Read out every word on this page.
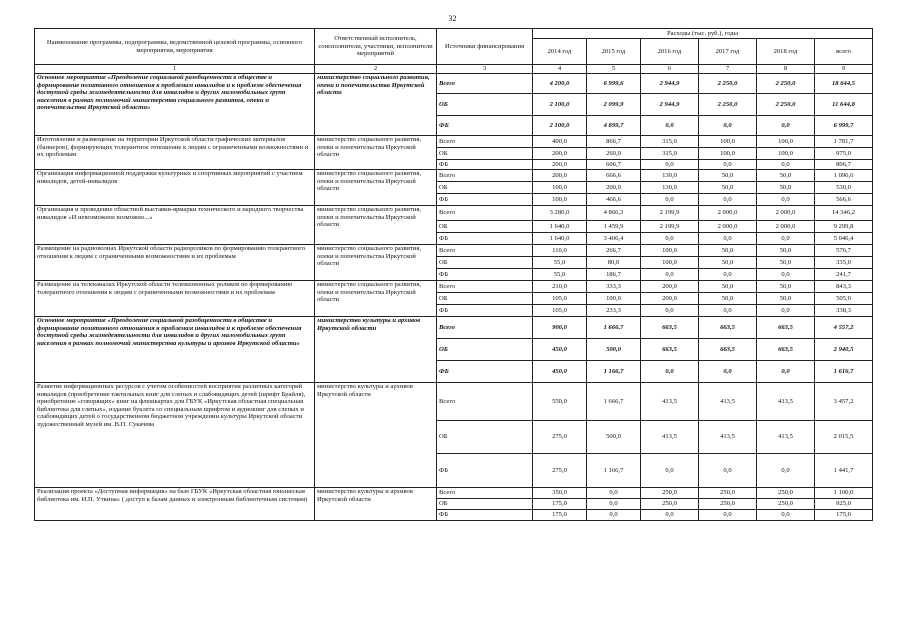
32
Наименование программы, подпрограммы, ведомственной целевой программы, основного мероприятия, мероприятия	Ответственный исполнитель, соисполнители, участники, исполнители мероприятий	Источники финансирования	Расходы (тыс. руб.), годы					
			2014 год	2015 год	2016 год	2017 год	2018 год	всего
1	2	3	4	5	6	7	8	9
Основное мероприятие «Преодоление социальной разобщенности в обществе и формирование позитивного отношения к проблемам инвалидов и к проблеме обеспечения доступной среды жизнедеятельности для инвалидов и других маломобильных групп населения в рамках полномочий министерства социального развития, опеки и попечительства Иркутской области»	министерство социального развития, опеки и попечительства Иркутской области	Всего	4 200,0	6 999,6	2 944,9	2 250,0	2 250,0	18 644,5
		ОБ	2 100,0	2 099,9	2 944,9	2 250,0	2 250,0	11 644,8
		ФБ	2 100,0	4 899,7	0,0	0,0	0,0	6 999,7
Изготовление и размещение на территории Иркутской области графических материалов (баннеров), формирующих толерантное отношение к людям с ограниченными возможностями и их проблемам	министерство социального развития, опеки и попечительства Иркутской области	Всего	400,0	866,7	315,0	100,0	100,0	1 781,7
		ОБ	200,0	260,0	315,0	100,0	100,0	975,0
		ФБ	200,0	606,7	0,0	0,0	0,0	806,7
Организация информационной поддержки культурных и спортивных мероприятий с участием инвалидов, детей-инвалидов	министерство социального развития, опеки и попечительства Иркутской области	Всего	200,0	666,6	130,0	50,0	50,0	1 096,6
		ОБ	100,0	200,0	130,0	50,0	50,0	530,0
		ФБ	100,0	466,6	0,0	0,0	0,0	566,6
Организация и проведение областной выставки-ярмарки технического и народного творчества инвалидов «И невозможное возможно...»	министерство социального развития, опеки и попечительства Иркутской области	Всего	3 280,0	4 866,3	2 199,9	2 000,0	2 000,0	14 346,2
		ОБ	1 640,0	1 459,9	2 199,9	2 000,0	2 000,0	9 299,8
		ФБ	1 640,0	3 406,4	0,0	0,0	0,0	5 046,4
Размещение на радиоволнах Иркутской области радиороликов по формированию толерантного отношения к людям с ограниченными возможностями и их проблемам	министерство социального развития, опеки и попечительства Иркутской области	Всего	110,0	266,7	100,0	50,0	50,0	576,7
		ОБ	55,0	80,0	100,0	50,0	50,0	335,0
		ФБ	55,0	186,7	0,0	0,0	0,0	241,7
Размещение на телеканалах Иркутской области телевизионных роликов по формированию толерантного отношения к людям с ограниченными возможностями и их проблемам	министерство социального развития, опеки и попечительства Иркутской области	Всего	210,0	333,3	200,0	50,0	50,0	843,3
		ОБ	105,0	100,0	200,0	50,0	50,0	505,0
		ФБ	105,0	233,3	0,0	0,0	0,0	338,3
Основное мероприятие «Преодоление социальной разобщенности в обществе и формирование позитивного отношения к проблемам инвалидов и к проблеме обеспечения доступной среды жизнедеятельности для инвалидов и других маломобильных групп населения в рамках полномочий министерства культуры и архивов Иркутской области»	министерство культуры и архивов Иркутской области	Всего	900,0	1 666,7	663,5	663,5	663,5	4 557,2
		ОБ	450,0	500,0	663,5	663,5	663,5	2 940,5
		ФБ	450,0	1 166,7	0,0	0,0	0,0	1 616,7
Развитие информационных ресурсов с учетом особенностей восприятия различных категорий инвалидов (приобретение тактильных книг для слепых и слабовидящих детей (шрифт Брайля), приобретение «говорящих» книг на флешкартах для ГБУК «Иркутская областная специальная библиотека для слепых», издание буклета со специальным шрифтом и аудиокниг для слепых и слабовидящих детей о государственном бюджетном учреждении культуры Иркутской области художественный музей им. В.П. Сукачева	министерство культуры и архивов Иркутской области	Всего	550,0	1 666,7	413,5	413,5	413,5	3 457,2
		ОБ	275,0	500,0	413,5	413,5	413,5	2 015,5
		ФБ	275,0	1 166,7	0,0	0,0	0,0	1 441,7
Реализация проекта «Доступная информация» на базе ГБУК «Иркутская областная юношеская библиотека им. И.П. Уткина» ( доступ к базам данных и электронным библиотечным системам)	министерство культуры и архивов Иркутской области	Всего	350,0	0,0	250,0	250,0	250,0	1 100,0
		ОБ	175,0	0,0	250,0	250,0	250,0	925,0
		ФБ	175,0	0,0	0,0	0,0	0,0	175,0
